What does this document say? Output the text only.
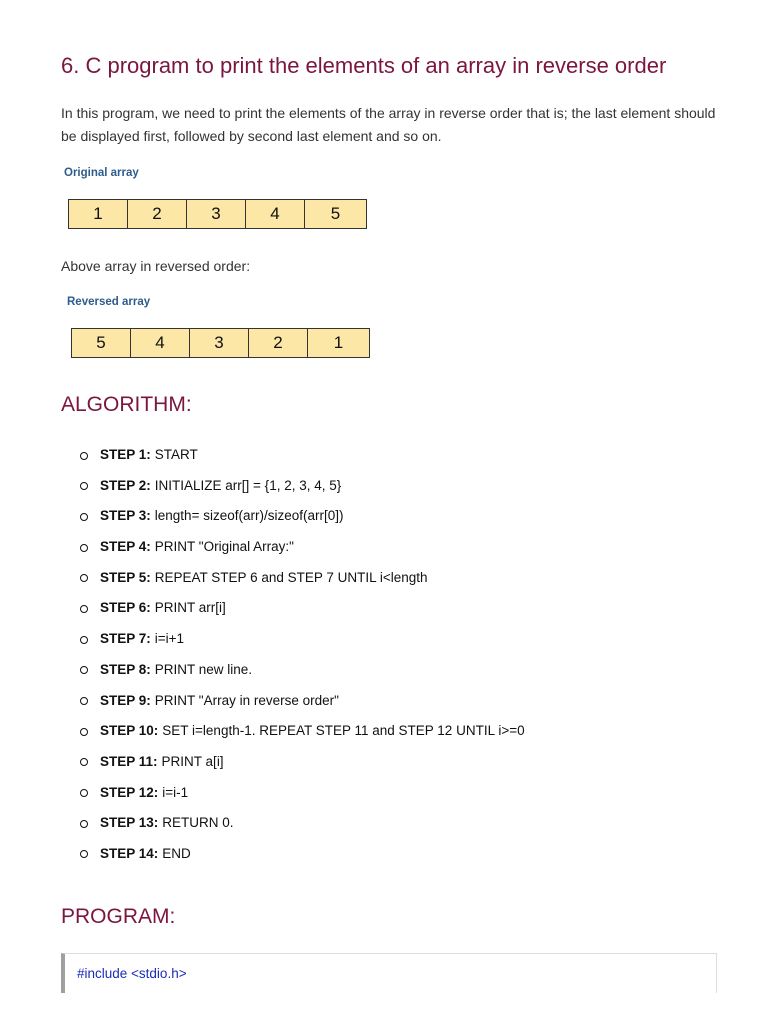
6. C program to print the elements of an array in reverse order

In this program, we need to print the elements of the array in reverse order that is; the last element should be displayed first, followed by second last element and so on.

Original array

1	2	3	4	5

Above array in reversed order:

Reversed array

5	4	3	2	1
ALGORITHM:
STEP 1: START
STEP 2: INITIALIZE arr[] = {1, 2, 3, 4, 5}
STEP 3: length= sizeof(arr)/sizeof(arr[0])
STEP 4: PRINT "Original Array:"
STEP 5: REPEAT STEP 6 and STEP 7 UNTIL i<length
STEP 6: PRINT arr[i]
STEP 7: i=i+1
STEP 8: PRINT new line.
STEP 9: PRINT "Array in reverse order"
STEP 10: SET i=length-1. REPEAT STEP 11 and STEP 12 UNTIL i>=0
STEP 11: PRINT a[i]
STEP 12: i=i-1
STEP 13: RETURN 0.
STEP 14: END
PROGRAM:

#include <stdio.h>
